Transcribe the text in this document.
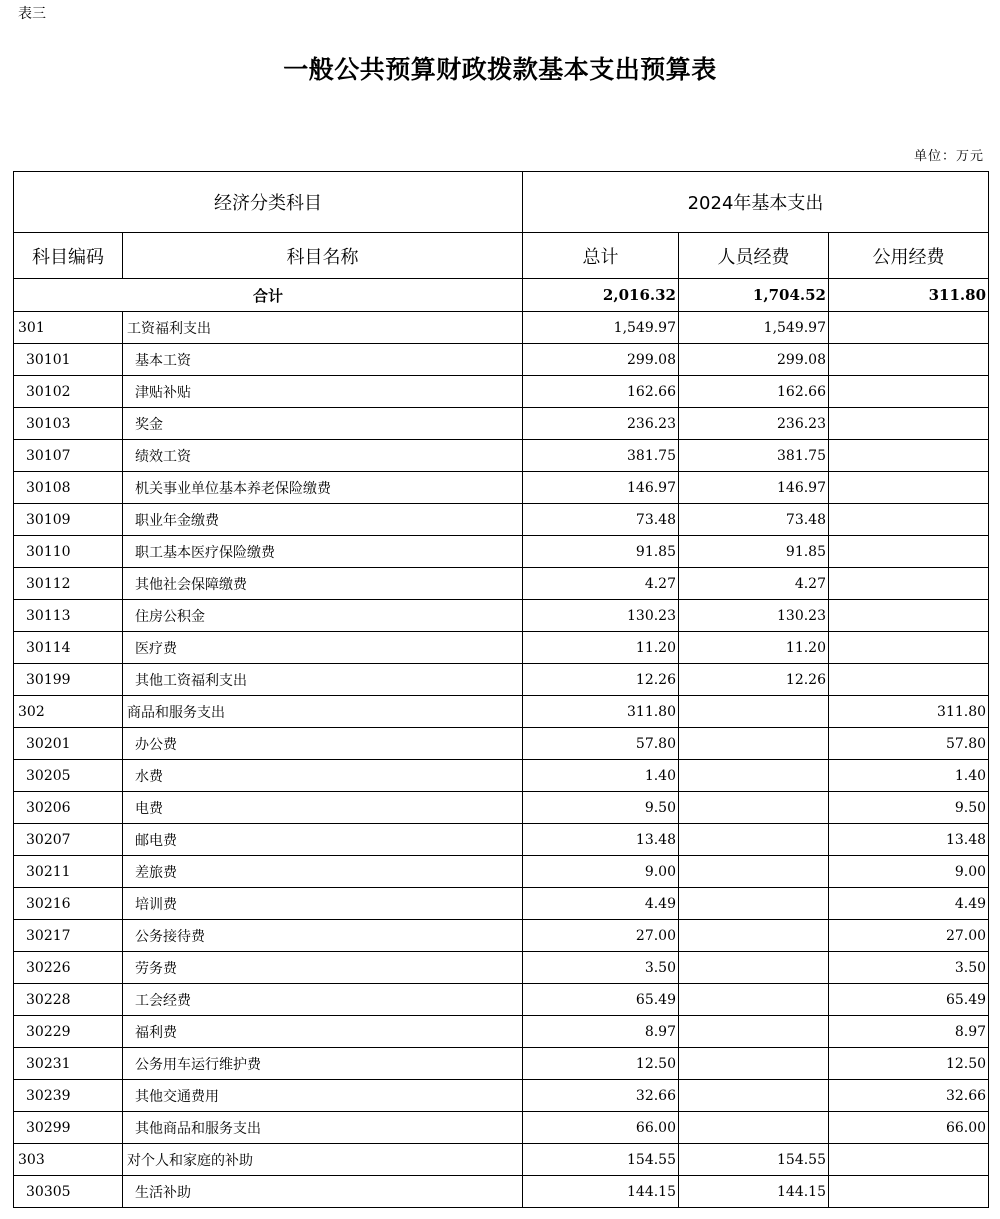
表三
一般公共预算财政拨款基本支出预算表
单位：万元
经济分类科目		2024年基本支出		
科目编码	科目名称	总计	人员经费	公用经费
合计		2,016.32	1,704.52	311.80
301	工资福利支出	1,549.97	1,549.97	
30101	基本工资	299.08	299.08	
30102	津贴补贴	162.66	162.66	
30103	奖金	236.23	236.23	
30107	绩效工资	381.75	381.75	
30108	机关事业单位基本养老保险缴费	146.97	146.97	
30109	职业年金缴费	73.48	73.48	
30110	职工基本医疗保险缴费	91.85	91.85	
30112	其他社会保障缴费	4.27	4.27	
30113	住房公积金	130.23	130.23	
30114	医疗费	11.20	11.20	
30199	其他工资福利支出	12.26	12.26	
302	商品和服务支出	311.80		311.80
30201	办公费	57.80		57.80
30205	水费	1.40		1.40
30206	电费	9.50		9.50
30207	邮电费	13.48		13.48
30211	差旅费	9.00		9.00
30216	培训费	4.49		4.49
30217	公务接待费	27.00		27.00
30226	劳务费	3.50		3.50
30228	工会经费	65.49		65.49
30229	福利费	8.97		8.97
30231	公务用车运行维护费	12.50		12.50
30239	其他交通费用	32.66		32.66
30299	其他商品和服务支出	66.00		66.00
303	对个人和家庭的补助	154.55	154.55	
30305	生活补助	144.15	144.15	
